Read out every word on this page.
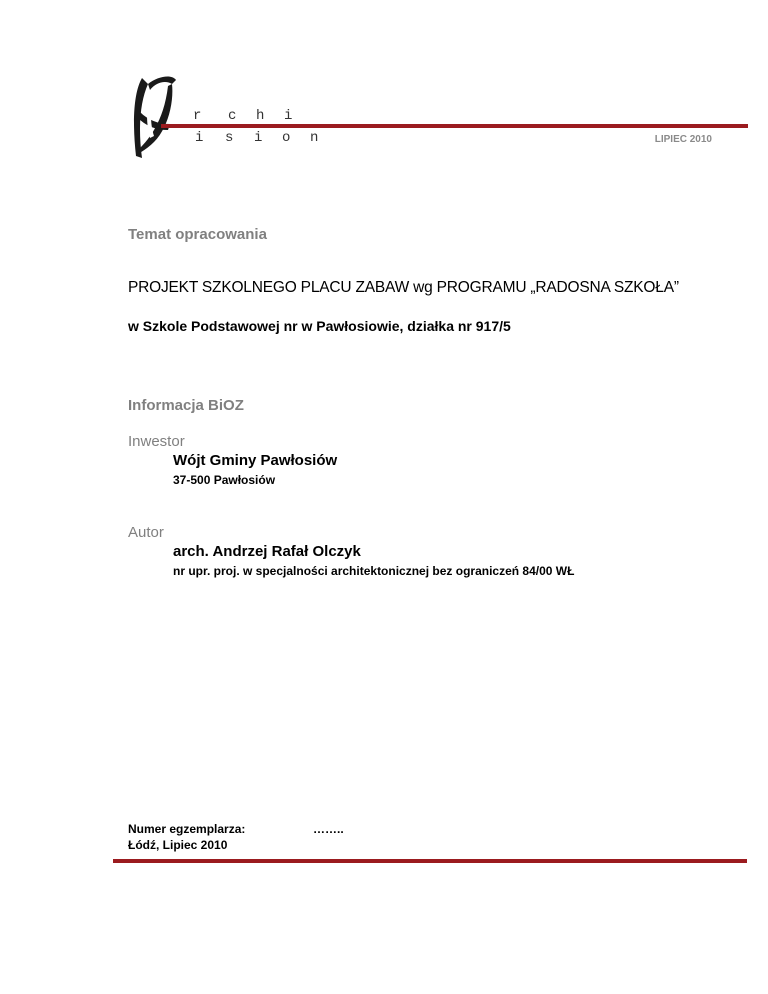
r c h i
i s i o n	LIPIEC 2010
Temat opracowania
PROJEKT SZKOLNEGO PLACU ZABAW wg PROGRAMU „RADOSNA SZKOŁA”
w Szkole Podstawowej nr w Pawłosiowie, działka nr 917/5
Informacja BiOZ
Inwestor
Wójt Gminy Pawłosiów
37-500 Pawłosiów
Autor
arch. Andrzej Rafał Olczyk
nr upr. proj. w specjalności architektonicznej bez ograniczeń 84/00 WŁ
Numer egzemplarza:	……..
Łódź, Lipiec 2010
